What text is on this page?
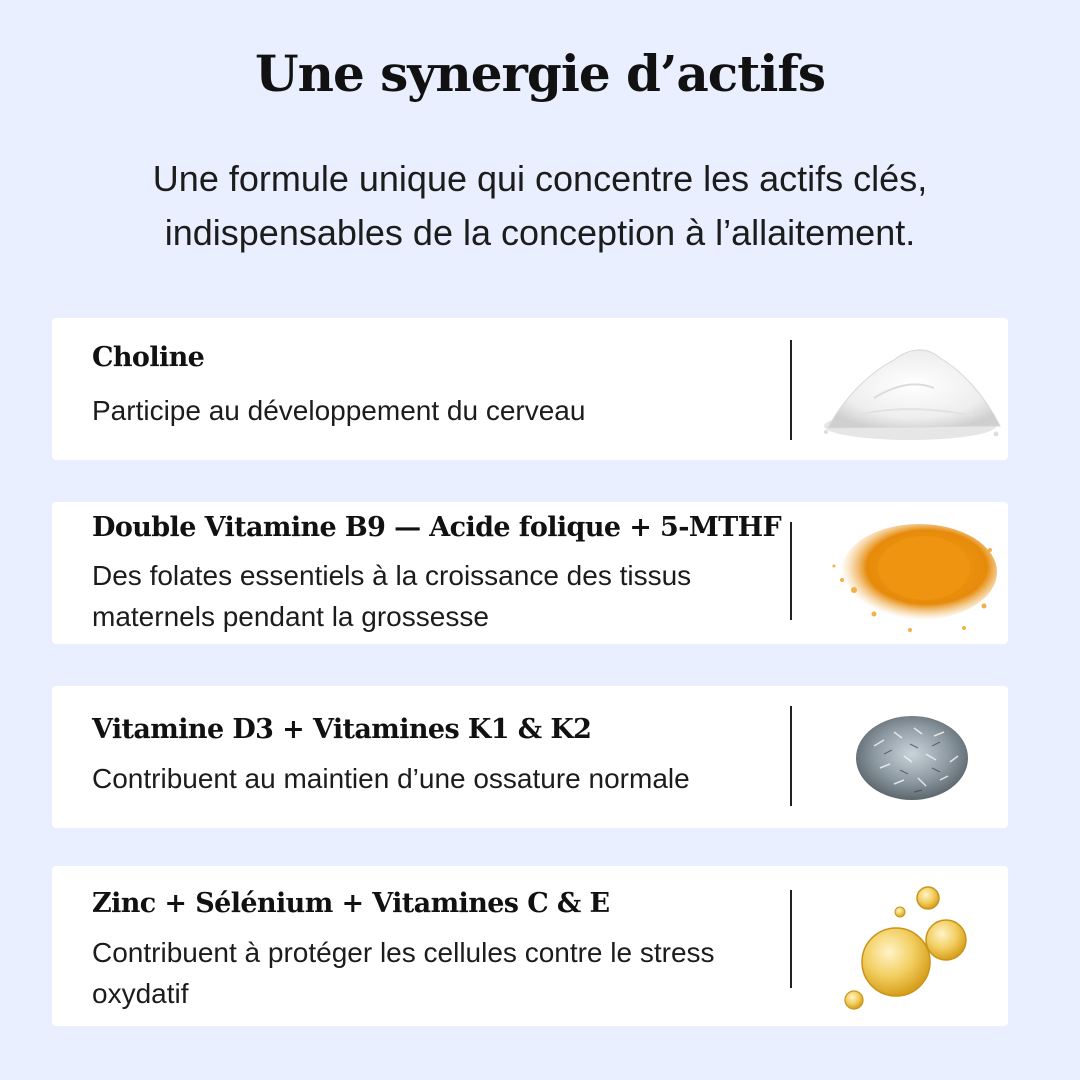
Une synergie d’actifs
Une formule unique qui concentre les actifs clés, indispensables de la conception à l’allaitement.
Choline
Participe au développement du cerveau
Double Vitamine B9 — Acide folique + 5-MTHF
Des folates essentiels à la croissance des tissus maternels pendant la grossesse
Vitamine D3 + Vitamines K1 & K2
Contribuent au maintien d’une ossature normale
Zinc + Sélénium + Vitamines C & E
Contribuent à protéger les cellules contre le stress oxydatif
